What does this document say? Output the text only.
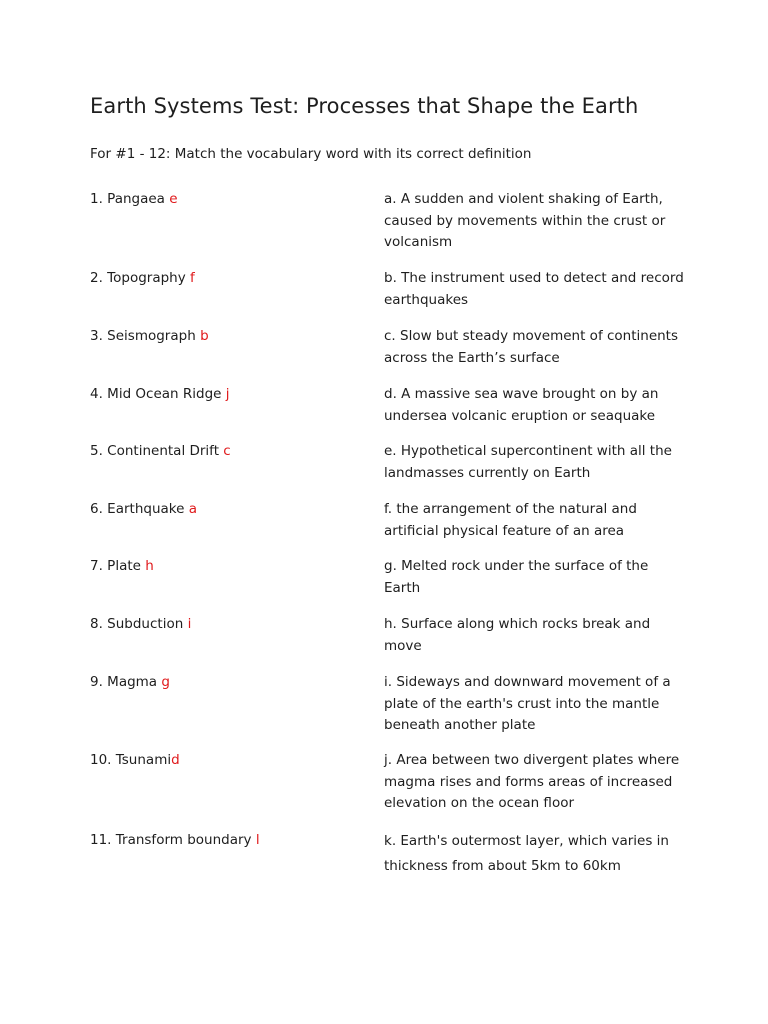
Earth Systems Test: Processes that Shape the Earth
For #1 - 12: Match the vocabulary word with its correct definition
1. Pangaea e
2. Topography f
3. Seismograph b
4. Mid Ocean Ridge j
5. Continental Drift c
6. Earthquake a
7. Plate h
8. Subduction i
9. Magma g
10. Tsunamid
11. Transform boundary l
a. A sudden and violent shaking of Earth, caused by movements within the crust or volcanism
b. The instrument used to detect and record earthquakes
c. Slow but steady movement of continents across the Earth’s surface
d. A massive sea wave brought on by an undersea volcanic eruption or seaquake
e. Hypothetical supercontinent with all the landmasses currently on Earth
f. the arrangement of the natural and artificial physical feature of an area
g. Melted rock under the surface of the Earth
h. Surface along which rocks break and move
i. Sideways and downward movement of a plate of the earth's crust into the mantle beneath another plate
j. Area between two divergent plates where magma rises and forms areas of increased elevation on the ocean floor
k. Earth's outermost layer, which varies in thickness from about 5km to 60km
